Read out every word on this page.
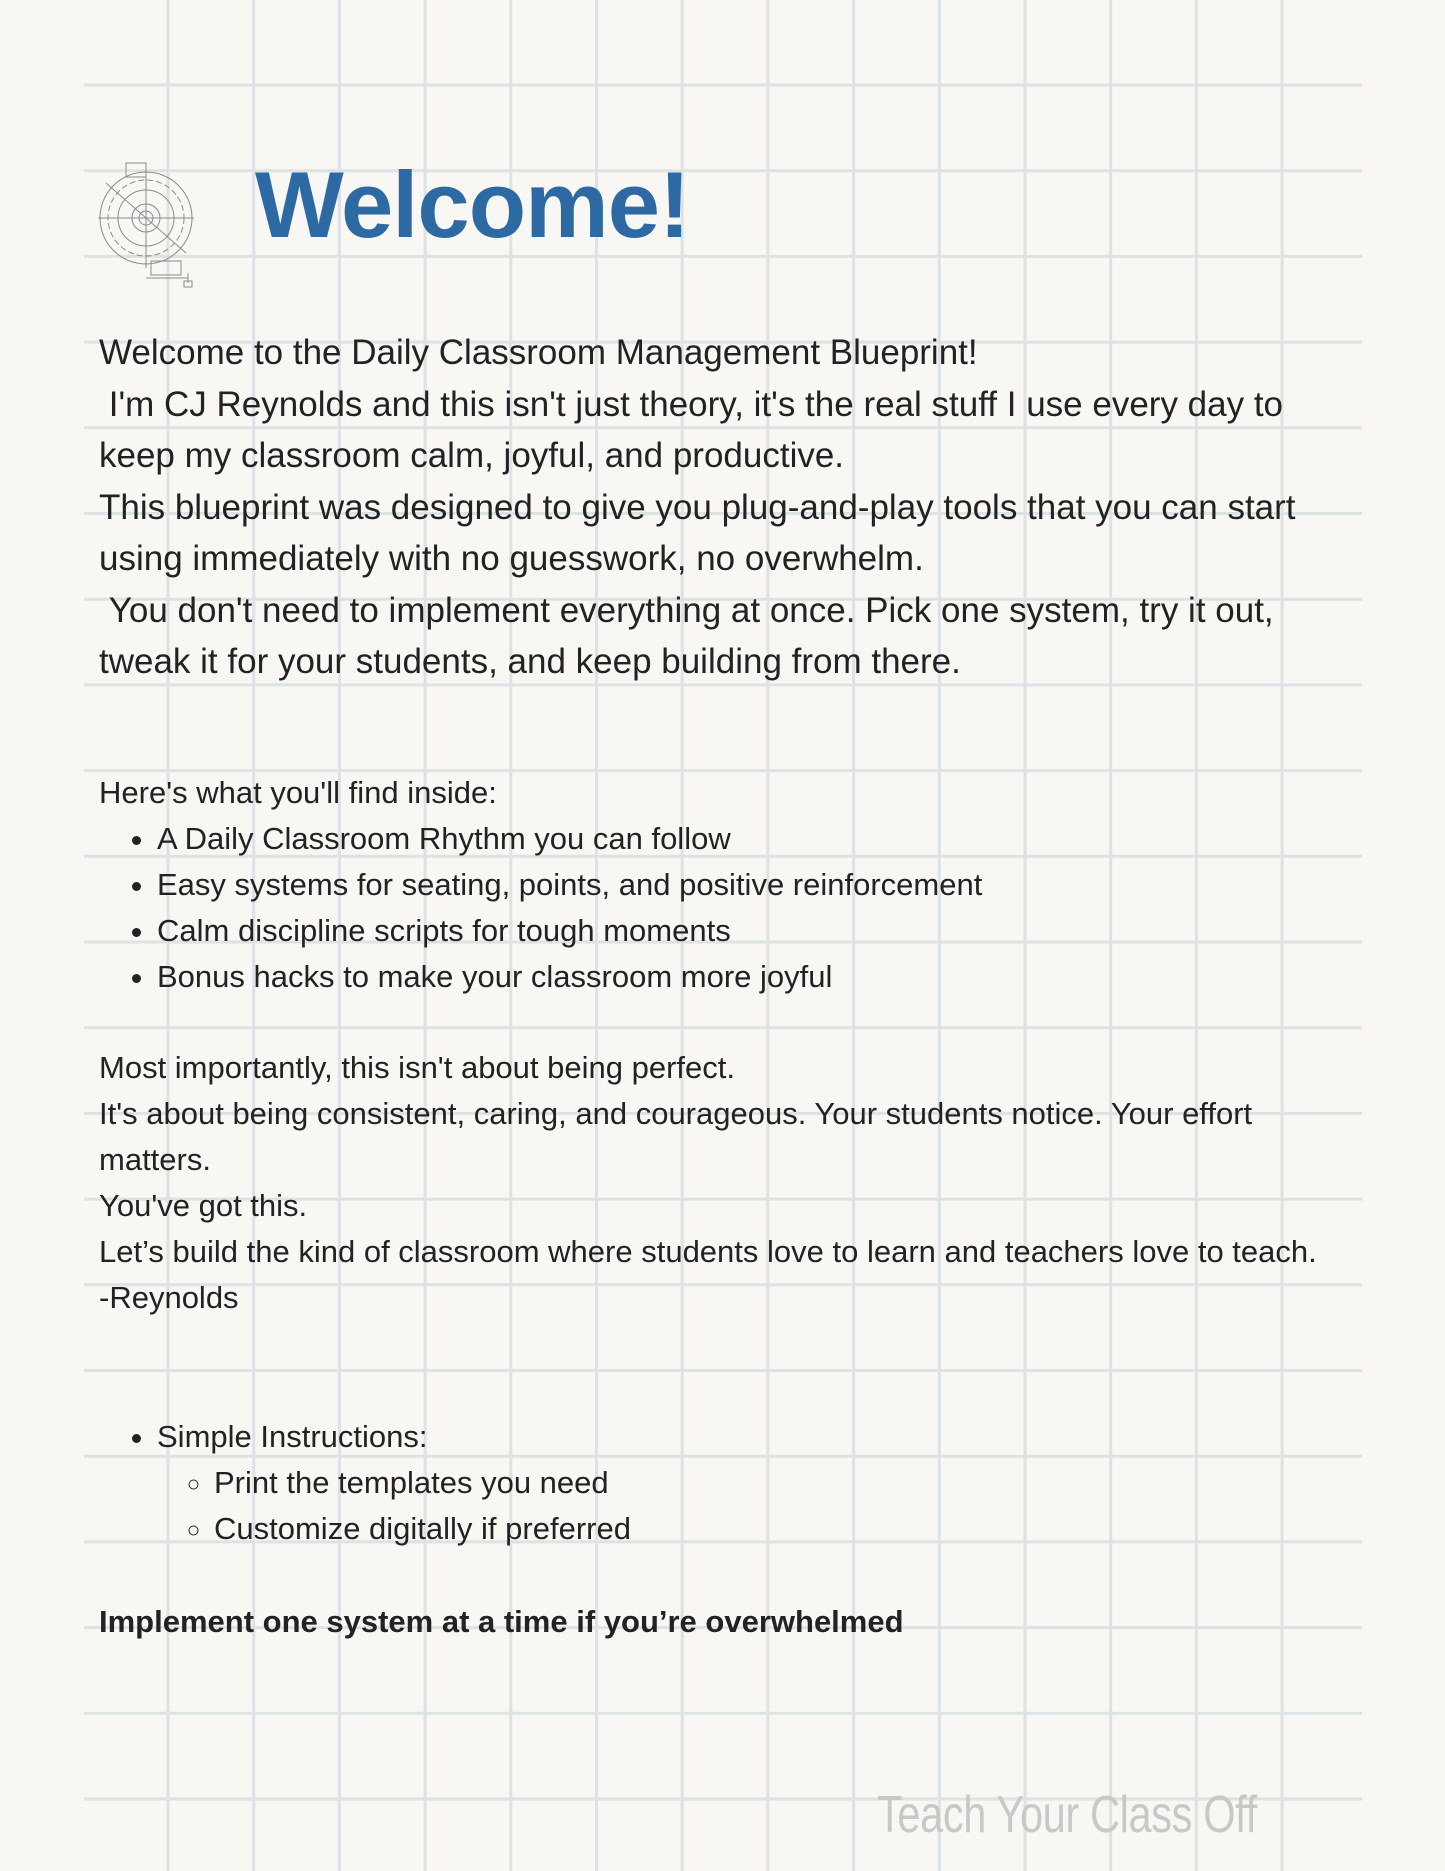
Welcome!

Welcome to the Daily Classroom Management Blueprint!

I'm CJ Reynolds and this isn't just theory, it's the real stuff I use every day to keep my classroom calm, joyful, and productive.

This blueprint was designed to give you plug-and-play tools that you can start using immediately with no guesswork, no overwhelm.

You don't need to implement everything at once. Pick one system, try it out, tweak it for your students, and keep building from there.

Here's what you'll find inside:

• A Daily Classroom Rhythm you can follow
• Easy systems for seating, points, and positive reinforcement
• Calm discipline scripts for tough moments
• Bonus hacks to make your classroom more joyful

Most importantly, this isn't about being perfect.

It's about being consistent, caring, and courageous. Your students notice. Your effort matters.

You've got this.

Let’s build the kind of classroom where students love to learn and teachers love to teach.

-Reynolds

• Simple Instructions:
◦ Print the templates you need
◦ Customize digitally if preferred

Implement one system at a time if you’re overwhelmed

Teach Your Class Off
